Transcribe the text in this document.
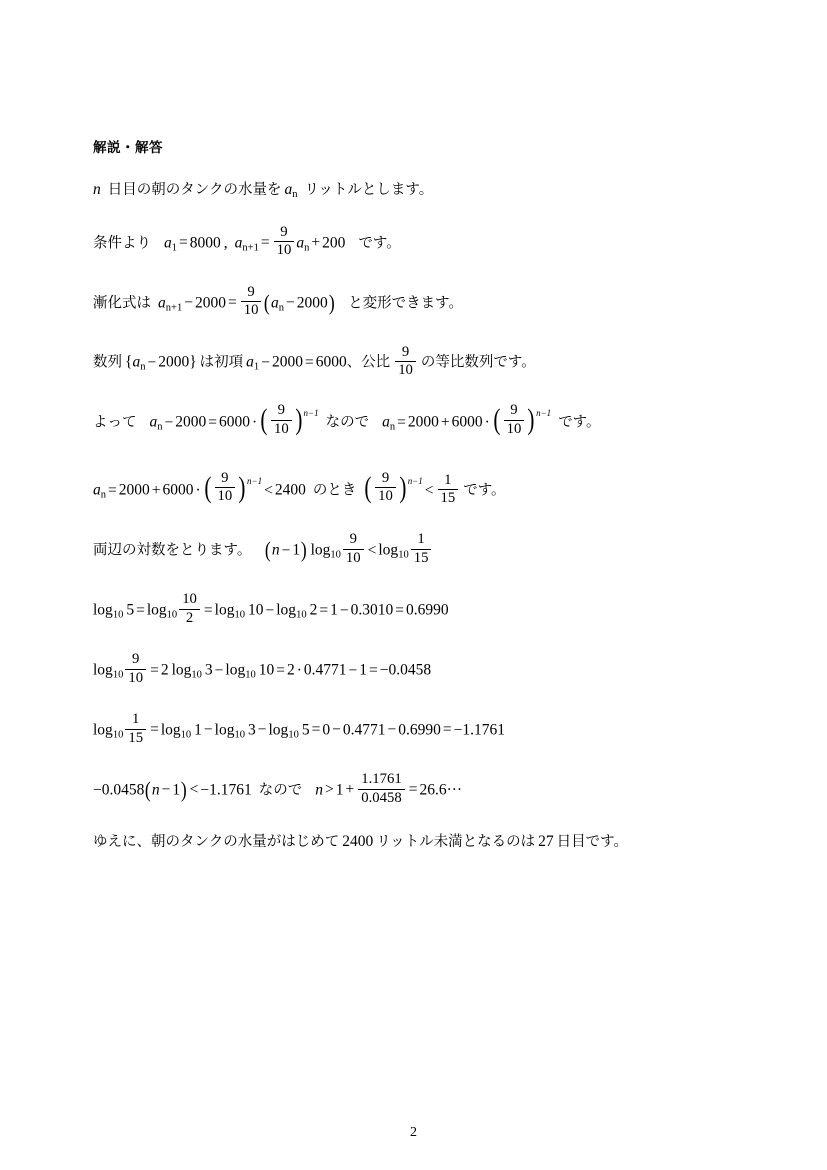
解説・解答
n 日目の朝のタンクの水量を $a_n$ リットルとします。
条件より $a_1 = 8000$ , $a_{n+1} = \frac{9}{10} a_n + 200$ です。
漸化式は $a_{n+1} - 2000 = \frac{9}{10} (a_n - 2000)$ と変形できます。
数列 $\{a_n - 2000\}$ は初項 $a_1 - 2000 = 6000$、公比 $\frac{9}{10}$ の等比数列です。
よって $a_n - 2000 = 6000$ · ( $\frac{9}{10} )n-1$なので $a_n = 2000 + 6000$ · ( $\frac{9}{10} )n-1$です。
$a_n = 2000 + 6000$ · ( $\frac{9}{10} )n-1< 2400$ のとき ( $\frac{9}{10} )n-1< \frac{1}{15}$ です。
両辺の対数をとります。 (n − 1) $\log 10 \frac{9}{10} < \log 10 \frac{1}{15}$
log10 $5 = \log 10 \frac{10}{2} = \log 10$ 10 − log10 2 = 1 − 0.3010 = 0.6990
$\log 10 \frac{9}{10} = 2$ log10 3 − log10 10 = 2 · 0.4771 − 1 = −0.0458
$\log 10 \frac{1}{15} = \log 10$ 1 − log10 3 − log10 5 = 0 − 0.4771 − 0.6990 = −1.1761
−0.0458(n − 1) < −1.1761 なので $n > 1 + \frac{1.1761}{0.0458} = 26.6\cdot\cdot\cdot$
ゆえに、朝のタンクの水量がはじめて 2400 リットル未満となるのは 27 日目です。
2
